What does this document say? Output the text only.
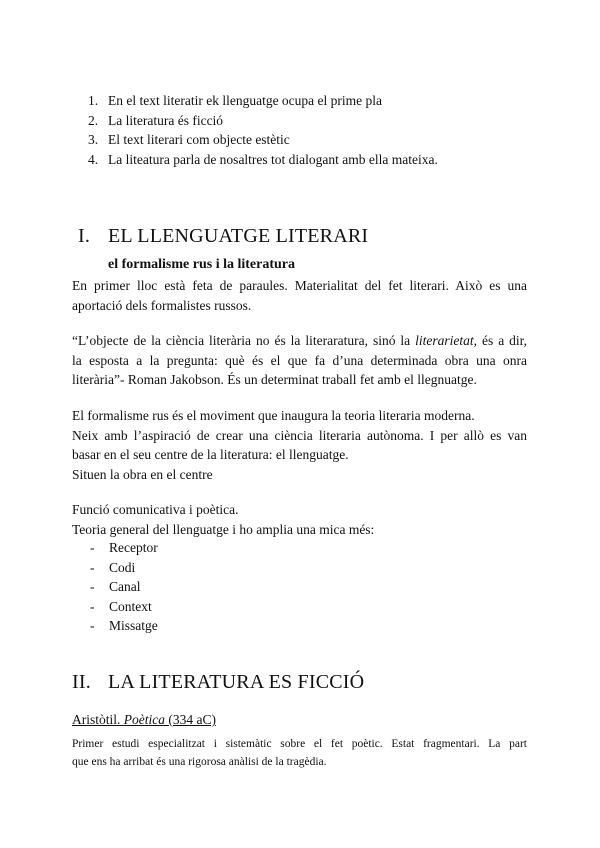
1. En el text literatir ek llenguatge ocupa el prime pla
2. La literatura és ficció
3. El text literari com objecte estètic
4. La liteatura parla de nosaltres tot dialogant amb ella mateixa.
I. EL LLENGUATGE LITERARI
el formalisme rus i la literatura
En primer lloc està feta de paraules. Materialitat del fet literari. Això es una
aportació dels formalistes russos.
“L’objecte de la ciència literària no és la literaratura, sinó la literarietat, és a dir,
la esposta a la pregunta: què és el que fa d’una determinada obra una onra
literària”- Roman Jakobson. És un determinat traball fet amb el llegnuatge.
El formalisme rus és el moviment que inaugura la teoria literaria moderna.
Neix amb l’aspiració de crear una ciència literaria autònoma. I per allò es van
basar en el seu centre de la literatura: el llenguatge.
Situen la obra en el centre
Funció comunicativa i poètica.
Teoria general del llenguatge i ho amplia una mica més:
-	Receptor
-	Codi
-	Canal
-	Context
-	Missatge
II. LA LITERATURA ES FICCIÓ
Aristòtil. Poètica (334 aC)
Primer estudi especialitzat i sistemàtic sobre el fet poètic. Estat fragmentari. La part
que ens ha arribat és una rigorosa anàlisi de la tragèdia.
